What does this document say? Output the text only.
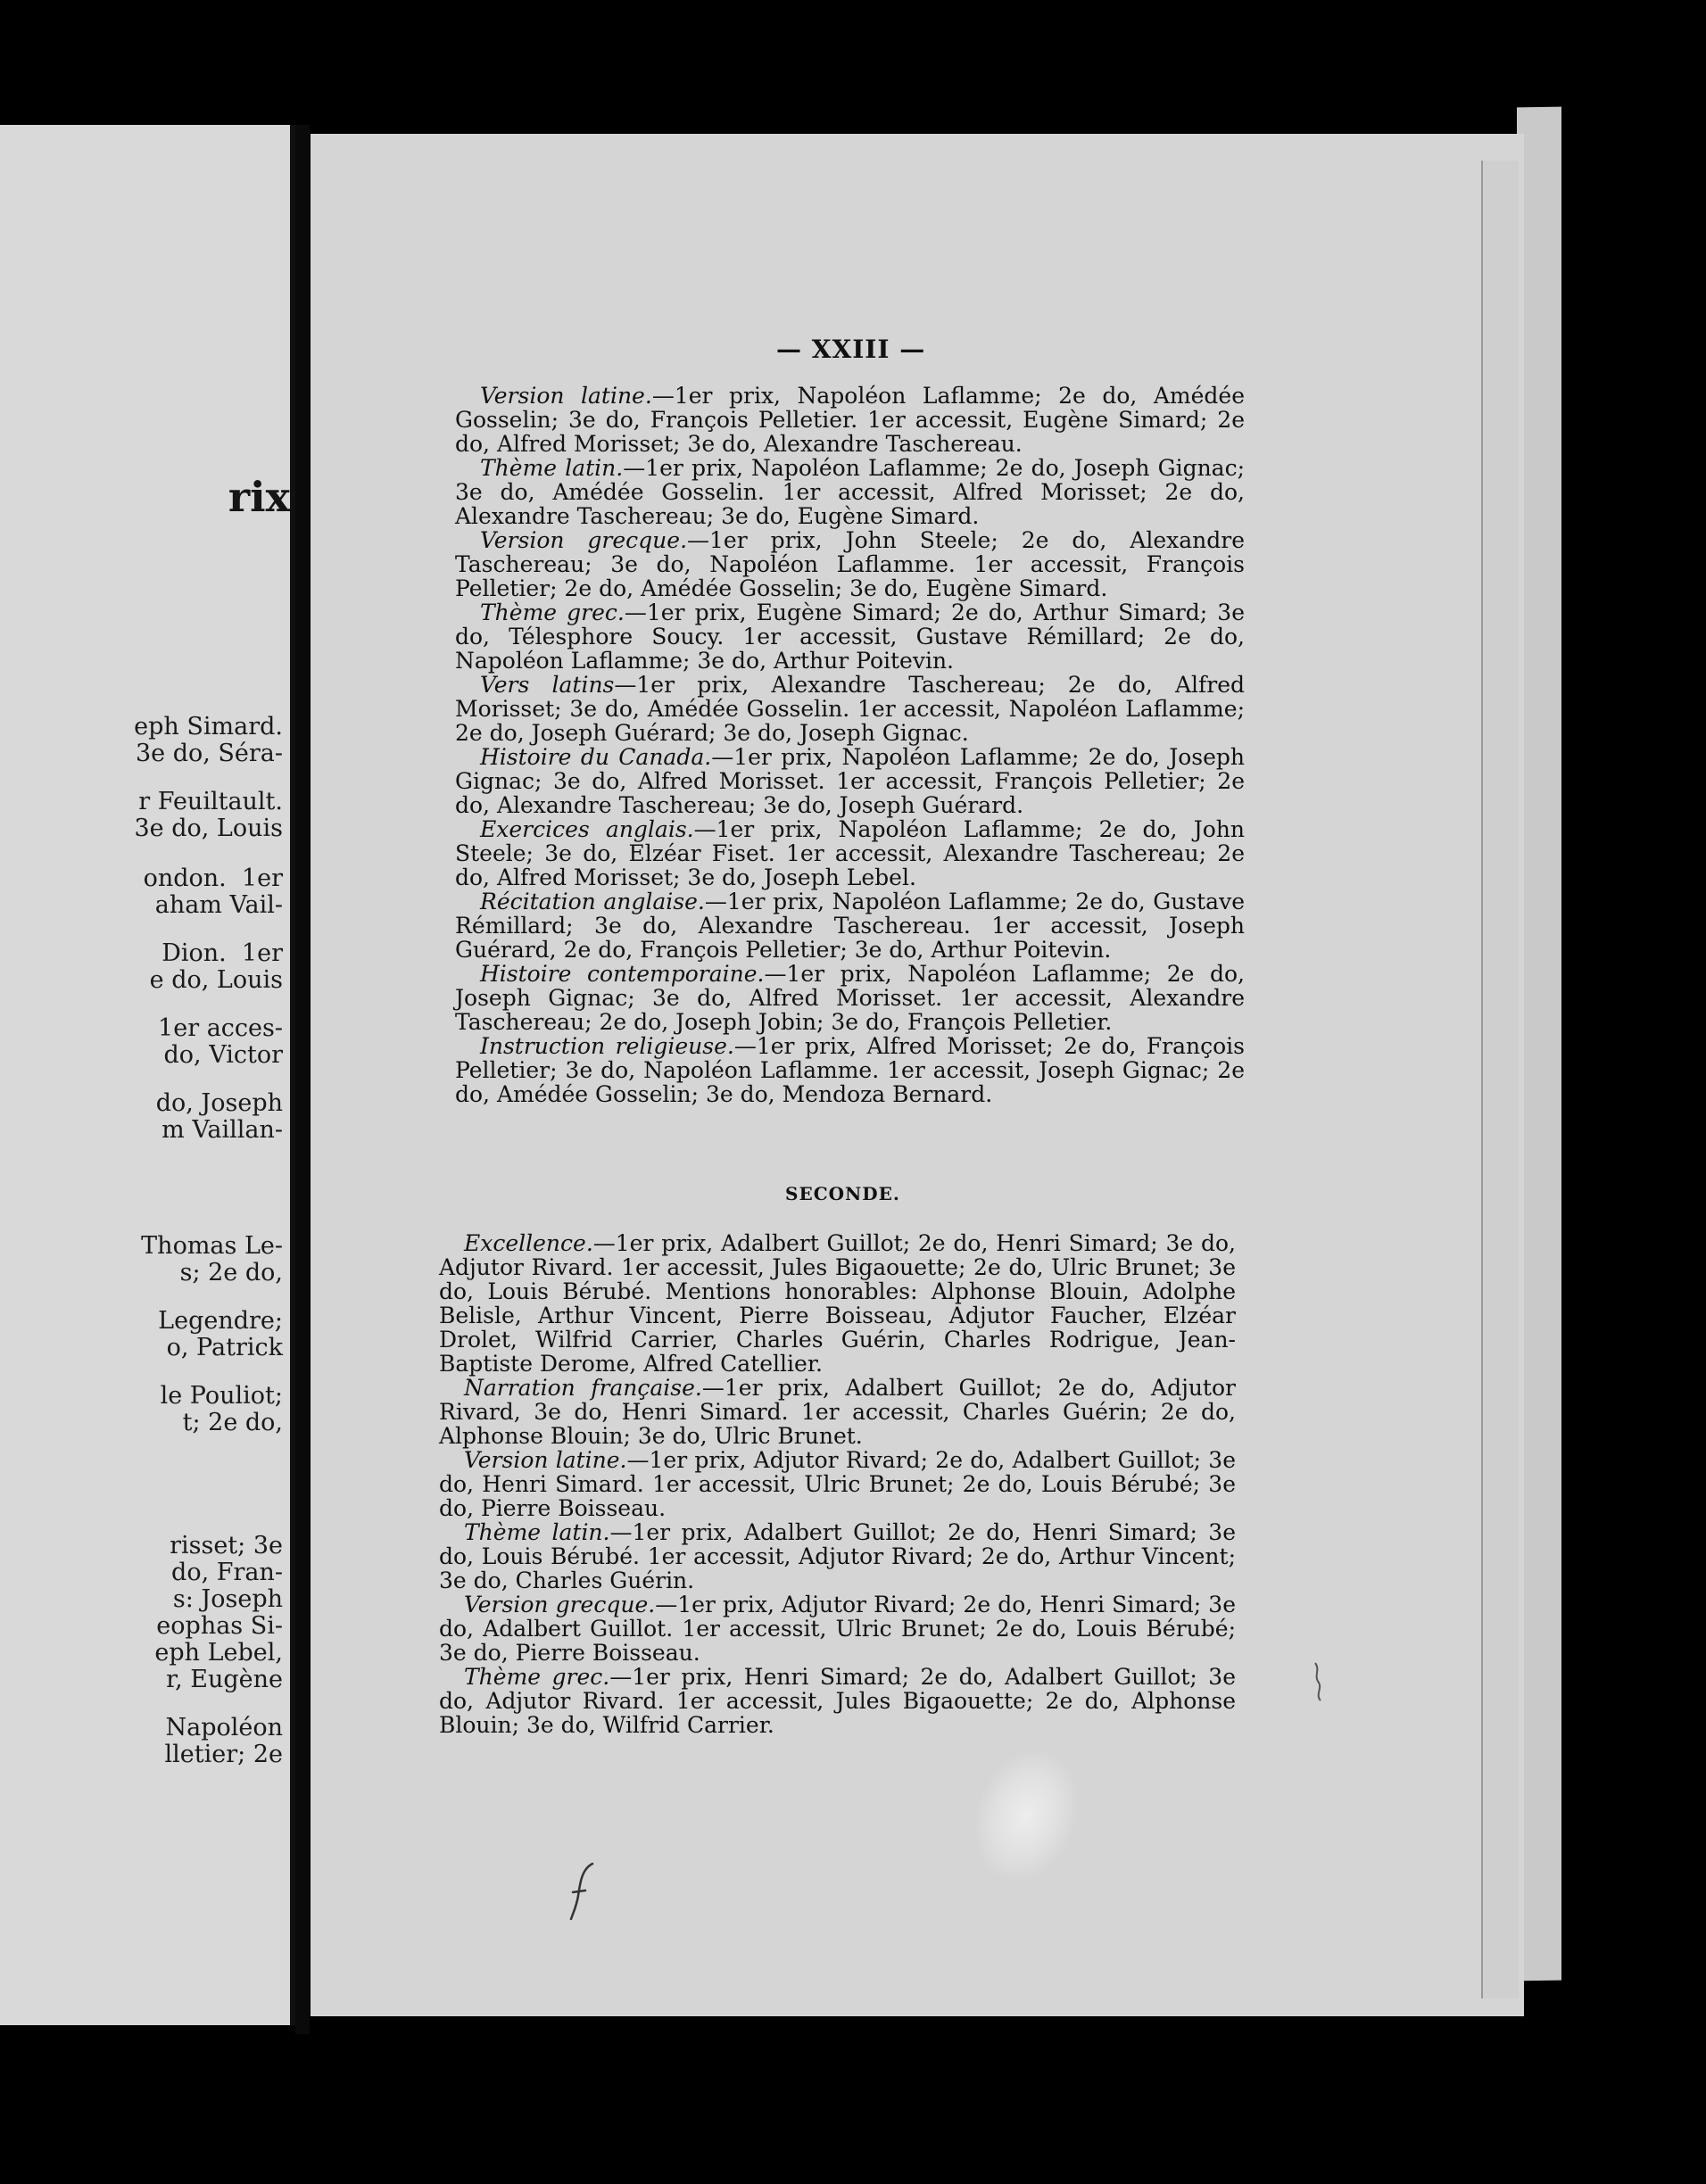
rix

eph Simard.

3e do, Séra-

r Feuiltault.

3e do, Louis

ondon.  1er

aham Vail-

Dion.  1er

e do, Louis

1er acces-

do, Victor

do, Joseph

m Vaillan-

Thomas Le-

s; 2e do,

Legendre;

o, Patrick

le Pouliot;

t; 2e do,

risset; 3e

do, Fran-

s: Joseph

eophas Si-

eph Lebel,

r, Eugène

Napoléon

lletier; 2e

— XXIII —

Version latine.—1er prix, Napoléon Laflamme; 2e do, Amédée Gosselin; 3e do, François Pelletier. 1er accessit, Eugène Simard; 2e do, Alfred Morisset; 3e do, Alexandre Taschereau.

Thème latin.—1er prix, Napoléon Laflamme; 2e do, Joseph Gignac; 3e do, Amédée Gosselin. 1er accessit, Alfred Morisset; 2e do, Alexandre Taschereau; 3e do, Eugène Simard.

Version grecque.—1er prix, John Steele; 2e do, Alexandre Taschereau; 3e do, Napoléon Laflamme. 1er accessit, François Pelletier; 2e do, Amédée Gosselin; 3e do, Eugène Simard.

Thème grec.—1er prix, Eugène Simard; 2e do, Arthur Simard; 3e do, Télesphore Soucy. 1er accessit, Gustave Rémillard; 2e do, Napoléon Laflamme; 3e do, Arthur Poitevin.

Vers latins—1er prix, Alexandre Taschereau; 2e do, Alfred Morisset; 3e do, Amédée Gosselin. 1er accessit, Napoléon Laflamme; 2e do, Joseph Guérard; 3e do, Joseph Gignac.

Histoire du Canada.—1er prix, Napoléon Laflamme; 2e do, Joseph Gignac; 3e do, Alfred Morisset. 1er accessit, François Pelletier; 2e do, Alexandre Taschereau; 3e do, Joseph Guérard.

Exercices anglais.—1er prix, Napoléon Laflamme; 2e do, John Steele; 3e do, Elzéar Fiset. 1er accessit, Alexandre Taschereau; 2e do, Alfred Morisset; 3e do, Joseph Lebel.

Récitation anglaise.—1er prix, Napoléon Laflamme; 2e do, Gustave Rémillard; 3e do, Alexandre Taschereau. 1er accessit, Joseph Guérard, 2e do, François Pelletier; 3e do, Arthur Poitevin.

Histoire contemporaine.—1er prix, Napoléon Laflamme; 2e do, Joseph Gignac; 3e do, Alfred Morisset. 1er accessit, Alexandre Taschereau; 2e do, Joseph Jobin; 3e do, François Pelletier.

Instruction religieuse.—1er prix, Alfred Morisset; 2e do, François Pelletier; 3e do, Napoléon Laflamme. 1er accessit, Joseph Gignac; 2e do, Amédée Gosselin; 3e do, Mendoza Bernard.

SECONDE.

Excellence.—1er prix, Adalbert Guillot; 2e do, Henri Simard; 3e do, Adjutor Rivard. 1er accessit, Jules Bigaouette; 2e do, Ulric Brunet; 3e do, Louis Bérubé. Mentions honorables: Alphonse Blouin, Adolphe Belisle, Arthur Vincent, Pierre Boisseau, Adjutor Faucher, Elzéar Drolet, Wilfrid Carrier, Charles Guérin, Charles Rodrigue, Jean-Baptiste Derome, Alfred Catellier.

Narration française.—1er prix, Adalbert Guillot; 2e do, Adjutor Rivard, 3e do, Henri Simard. 1er accessit, Charles Guérin; 2e do, Alphonse Blouin; 3e do, Ulric Brunet.

Version latine.—1er prix, Adjutor Rivard; 2e do, Adalbert Guillot; 3e do, Henri Simard. 1er accessit, Ulric Brunet; 2e do, Louis Bérubé; 3e do, Pierre Boisseau.

Thème latin.—1er prix, Adalbert Guillot; 2e do, Henri Simard; 3e do, Louis Bérubé. 1er accessit, Adjutor Rivard; 2e do, Arthur Vincent; 3e do, Charles Guérin.

Version grecque.—1er prix, Adjutor Rivard; 2e do, Henri Simard; 3e do, Adalbert Guillot. 1er accessit, Ulric Brunet; 2e do, Louis Bérubé; 3e do, Pierre Boisseau.

Thème grec.—1er prix, Henri Simard; 2e do, Adalbert Guillot; 3e do, Adjutor Rivard. 1er accessit, Jules Bigaouette; 2e do, Alphonse Blouin; 3e do, Wilfrid Carrier.
